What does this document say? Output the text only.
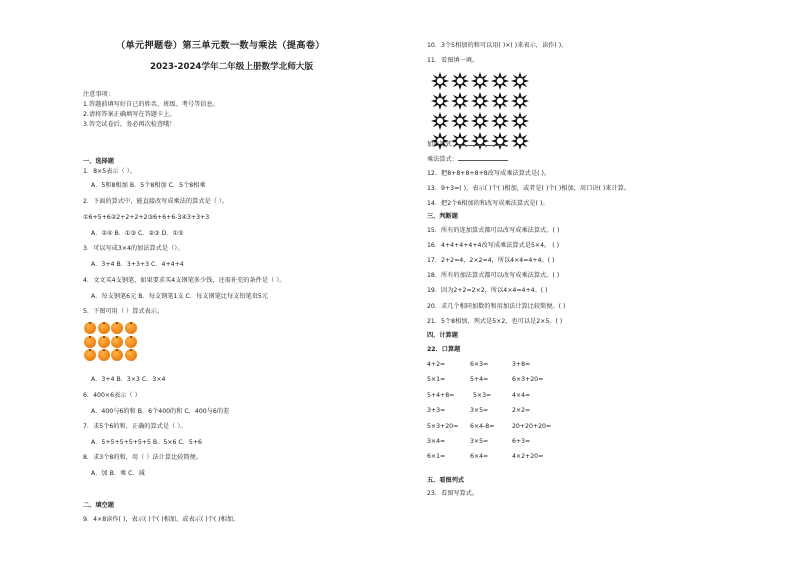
（单元押题卷）第三单元数一数与乘法（提高卷）
2023-2024学年二年级上册数学北师大版
注意事项：
1.答题前填写好自己的姓名、班级、考号等信息。
2.请将答案正确填写在答题卡上。
3.答完试卷后，务必再次检查哦！
一、选择题
1．8×5表示（ ）。
A．5和8相加 B．5个8相加 C．5个8相乘
2．下面的算式中，能直接改写成乘法的算式是（ ）。
①6+5+6②2+2+2+2③6+6+6-3④3+3+3
A．②④ B．①③ C．②③ D．①⑤
3．可以写成3×4的加法算式是（）。
A．3+4 B．3+3+3 C．4+4+4
4．文文买4支钢笔，如果要求买4支钢笔多少钱，还需补充的条件是（ ）。
A．每支钢笔6元 B．每支钢笔1支 C．每支钢笔比每支铅笔贵5元
5．下图可用（ ）算式表示。
A．3+4 B．3×3 C．3×4
6．400×6表示（ ）
A．400与6的和 B．6个400的和 C．400与6的差
7．求5个6的和，正确的算式是（ ）。
A．5+5+5+5+5+5 B．5×6 C．5+6
8．求3个8的和，用（ ）法计算比较简便。
A．加 B．乘 C．减
二、填空题
9．4×8读作( )，表示( )个( )相加，或表示( )个( )相加。
10．3个5相加的和可以用( )×( )来表示，读作( )。
11．看图填一填。
加法算式：
乘法算式：
12．把8+8+8+8+8改写成乘法算式是( )。
13．9+3=( )，表示( )个( )相加，或者是( )个( )相加，用口诀( )来计算。
14．把2个6相加的和改写成乘法算式是( )。
三、判断题
15．所有的连加算式都可以改写成乘法算式。( )
16．4+4+4+4+4改写成乘法算式是5×4。 ( )
17．2+2=4，2×2=4，所以4×4=4+4。( )
18．所有的加法算式都可以改写成乘法算式。( )
19．因为2+2=2×2，所以4×4=4+4。( )
20．求几个相同加数的和用加法计算比较简便。( )
21．5个8相加，列式是5×2，也可以是2×5。( )
四、计算题
22．口算题
4+2=	6×3=	3+8=
5×1=	5+4=	6×3+20=
5+4+8=	5×3=	4×4=
3+3=	3×5=	2×2=
5×3+20= 6×4-8=	20+20+20=
3×4=	3×5=	6+3=
6×1=	6×4=	4×2+20=
五、看图列式
23．看图写算式。
